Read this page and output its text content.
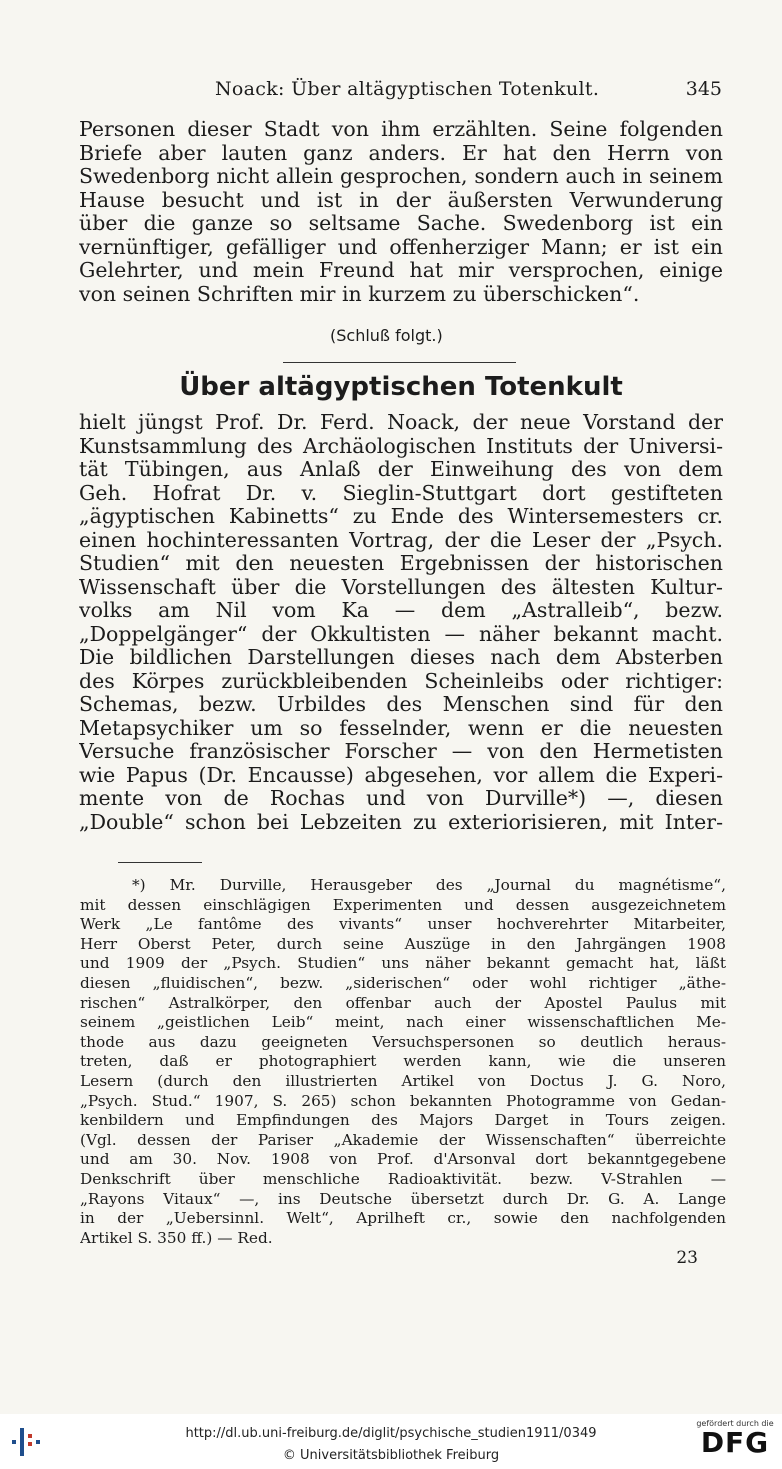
Noack: Über altägyptischen Totenkult.	345
Personen dieser Stadt von ihm erzählten. Seine folgenden
Briefe aber lauten ganz anders. Er hat den Herrn von
Swedenborg nicht allein gesprochen, sondern auch in seinem
Hause besucht und ist in der äußersten Verwunderung
über die ganze so seltsame Sache. Swedenborg ist ein
vernünftiger, gefälliger und offenherziger Mann; er ist ein
Gelehrter, und mein Freund hat mir versprochen, einige
von seinen Schriften mir in kurzem zu überschicken“.
(Schluß folgt.)
Über altägyptischen Totenkult
hielt jüngst Prof. Dr. Ferd. Noack, der neue Vorstand der
Kunstsammlung des Archäologischen Instituts der Universi-
tät Tübingen, aus Anlaß der Einweihung des von dem
Geh. Hofrat Dr. v. Sieglin-Stuttgart dort gestifteten
„ägyptischen Kabinetts“ zu Ende des Wintersemesters cr.
einen hochinteressanten Vortrag, der die Leser der „Psych.
Studien“ mit den neuesten Ergebnissen der historischen
Wissenschaft über die Vorstellungen des ältesten Kultur-
volks am Nil vom Ka — dem „Astralleib“, bezw.
„Doppelgänger“ der Okkultisten — näher bekannt macht.
Die bildlichen Darstellungen dieses nach dem Absterben
des Körpes zurückbleibenden Scheinleibs oder richtiger:
Schemas, bezw. Urbildes des Menschen sind für den
Metapsychiker um so fesselnder, wenn er die neuesten
Versuche französischer Forscher — von den Hermetisten
wie Papus (Dr. Encausse) abgesehen, vor allem die Experi-
mente von de Rochas und von Durville*) —, diesen
„Double“ schon bei Lebzeiten zu exteriorisieren, mit Inter-
*) Mr. Durville, Herausgeber des „Journal du magnétisme“,
mit dessen einschlägigen Experimenten und dessen ausgezeichnetem
Werk „Le fantôme des vivants“ unser hochverehrter Mitarbeiter,
Herr Oberst Peter, durch seine Auszüge in den Jahrgängen 1908
und 1909 der „Psych. Studien“ uns näher bekannt gemacht hat, läßt
diesen „fluidischen“, bezw. „siderischen“ oder wohl richtiger „äthe-
rischen“ Astralkörper, den offenbar auch der Apostel Paulus mit
seinem „geistlichen Leib“ meint, nach einer wissenschaftlichen Me-
thode aus dazu geeigneten Versuchspersonen so deutlich heraus-
treten, daß er photographiert werden kann, wie die unseren
Lesern (durch den illustrierten Artikel von Doctus J. G. Noro,
„Psych. Stud.“ 1907, S. 265) schon bekannten Photogramme von Gedan-
kenbildern und Empfindungen des Majors Darget in Tours zeigen.
(Vgl. dessen der Pariser „Akademie der Wissenschaften“ überreichte
und am 30. Nov. 1908 von Prof. d'Arsonval dort bekanntgegebene
Denkschrift über menschliche Radioaktivität. bezw. V-Strahlen —
„Rayons Vitaux“ —, ins Deutsche übersetzt durch Dr. G. A. Lange
in der „Uebersinnl. Welt“, Aprilheft cr., sowie den nachfolgenden
Artikel S. 350 ff.) — Red.
23
http://dl.ub.uni-freiburg.de/diglit/psychische_studien1911/0349
© Universitätsbibliothek Freiburg
gefördert durch die
DFG
